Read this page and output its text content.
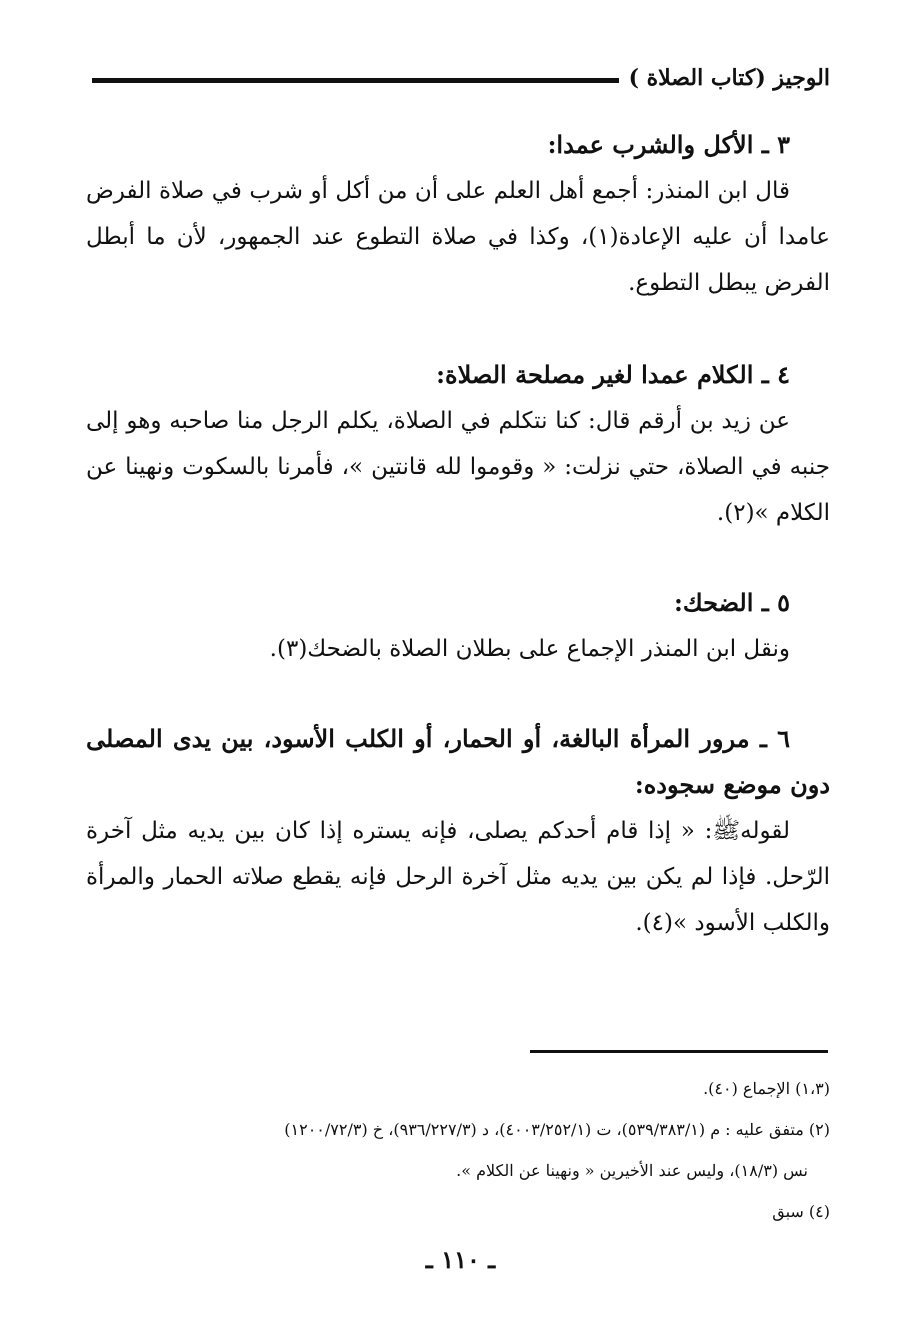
الوجيز (كتاب الصلاة )

٣ ـ الأكل والشرب عمدا:

قال ابن المنذر: أجمع أهل العلم على أن من أكل أو شرب في صلاة الفرض عامدا أن عليه الإعادة(١)، وكذا في صلاة التطوع عند الجمهور، لأن ما أبطل الفرض يبطل التطوع.

٤ ـ الكلام عمدا لغير مصلحة الصلاة:

عن زيد بن أرقم قال: كنا نتكلم في الصلاة، يكلم الرجل منا صاحبه وهو إلى جنبه في الصلاة، حتي نزلت: « وقوموا لله قانتين »، فأمرنا بالسكوت ونهينا عن الكلام »(٢).

٥ ـ الضحك:

ونقل ابن المنذر الإجماع على بطلان الصلاة بالضحك(٣).

٦ ـ مرور المرأة البالغة، أو الحمار، أو الكلب الأسود، بين يدى المصلى دون موضع سجوده:

لقولهﷺ: « إذا قام أحدكم يصلى، فإنه يستره إذا كان بين يديه مثل آخرة الرّحل. فإذا لم يكن بين يديه مثل آخرة الرحل فإنه يقطع صلاته الحمار والمرأة والكلب الأسود »(٤).

(١،٣) الإجماع (٤٠).

(٢) متفق عليه : م (٥٣٩/٣٨٣/١)، ت (٤٠٠٣/٢٥٢/١)، د (٩٣٦/٢٢٧/٣)، خ (١٢٠٠/٧٢/٣)

نس (١٨/٣)، وليس عند الأخيرين « ونهينا عن الكلام ».

(٤) سبق

ـ ١١٠ ـ
